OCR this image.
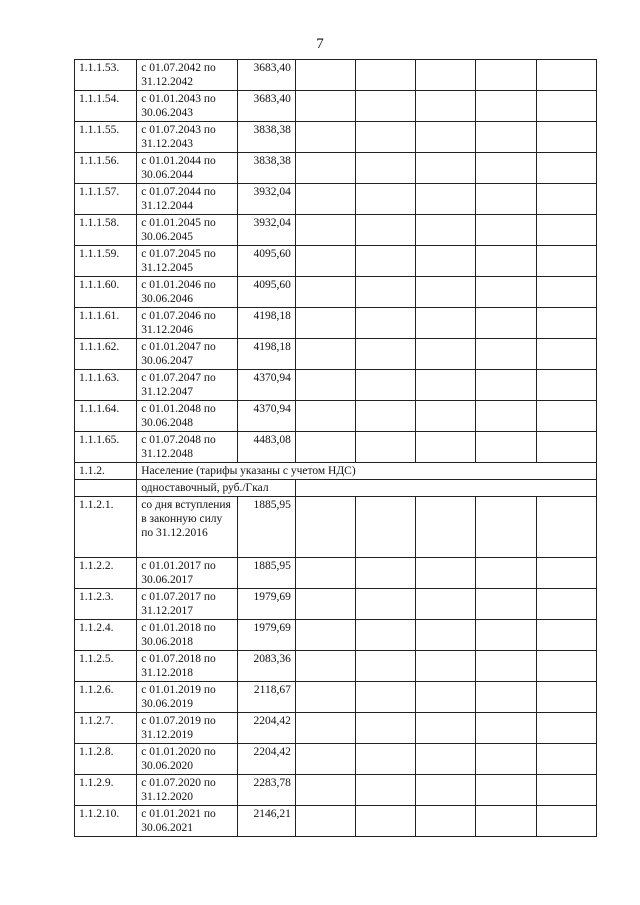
7
1.1.1.53.	с 01.07.2042 по 31.12.2042	3683,40					
1.1.1.54.	с 01.01.2043 по 30.06.2043	3683,40					
1.1.1.55.	с 01.07.2043 по 31.12.2043	3838,38					
1.1.1.56.	с 01.01.2044 по 30.06.2044	3838,38					
1.1.1.57.	с 01.07.2044 по 31.12.2044	3932,04					
1.1.1.58.	с 01.01.2045 по 30.06.2045	3932,04					
1.1.1.59.	с 01.07.2045 по 31.12.2045	4095,60					
1.1.1.60.	с 01.01.2046 по 30.06.2046	4095,60					
1.1.1.61.	с 01.07.2046 по 31.12.2046	4198,18					
1.1.1.62.	с 01.01.2047 по 30.06.2047	4198,18					
1.1.1.63.	с 01.07.2047 по 31.12.2047	4370,94					
1.1.1.64.	с 01.01.2048 по 30.06.2048	4370,94					
1.1.1.65.	с 01.07.2048 по 31.12.2048	4483,08					
1.1.2.	Население (тарифы указаны с учетом НДС)						
	одноставочный, руб./Гкал						
1.1.2.1.	со дня вступления в законную силу по 31.12.2016	1885,95					
1.1.2.2.	с 01.01.2017 по 30.06.2017	1885,95					
1.1.2.3.	с 01.07.2017 по 31.12.2017	1979,69					
1.1.2.4.	с 01.01.2018 по 30.06.2018	1979,69					
1.1.2.5.	с 01.07.2018 по 31.12.2018	2083,36					
1.1.2.6.	с 01.01.2019 по 30.06.2019	2118,67					
1.1.2.7.	с 01.07.2019 по 31.12.2019	2204,42					
1.1.2.8.	с 01.01.2020 по 30.06.2020	2204,42					
1.1.2.9.	с 01.07.2020 по 31.12.2020	2283,78					
1.1.2.10.	с 01.01.2021 по 30.06.2021	2146,21					
